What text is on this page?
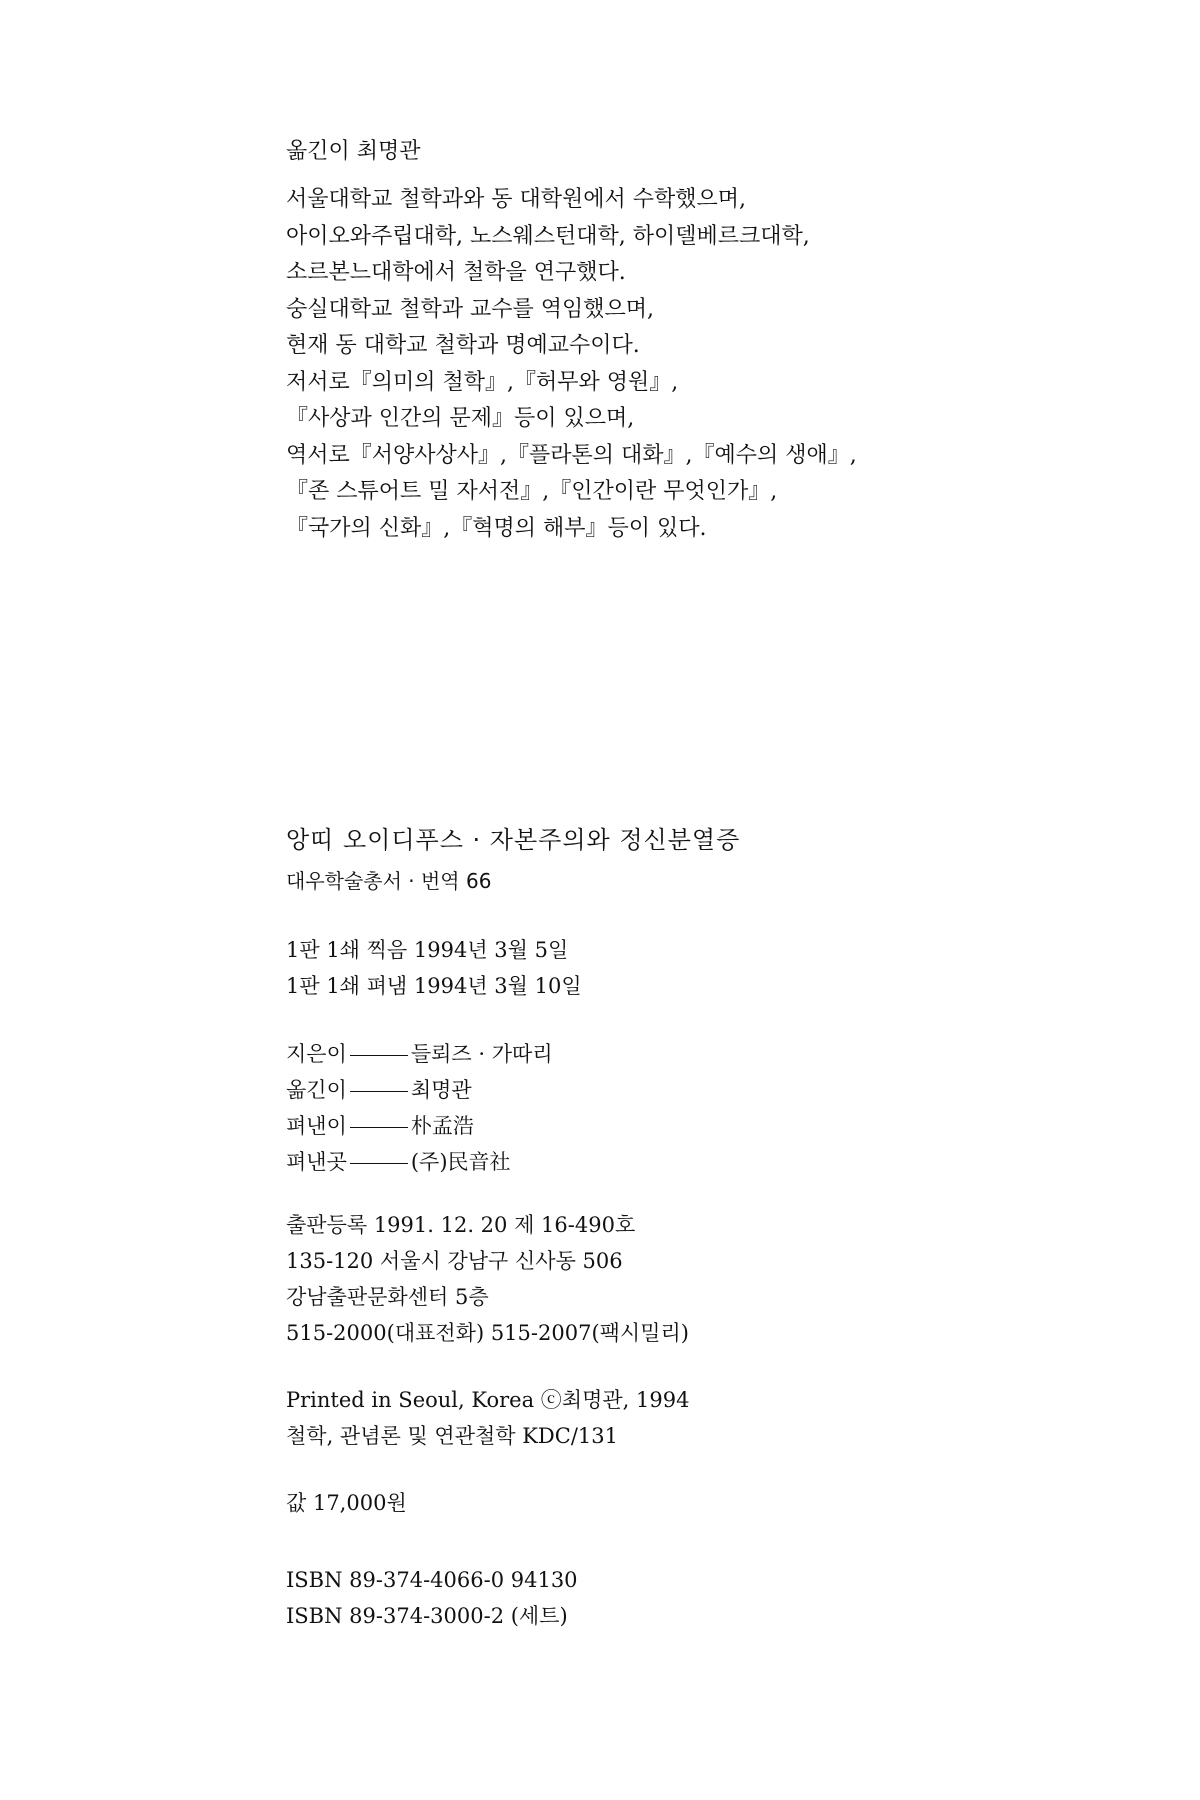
옮긴이 최명관
서울대학교 철학과와 동 대학원에서 수학했으며,
아이오와주립대학, 노스웨스턴대학, 하이델베르크대학,
소르본느대학에서 철학을 연구했다.
숭실대학교 철학과 교수를 역임했으며,
현재 동 대학교 철학과 명예교수이다.
저서로『의미의 철학』,『허무와 영원』,
『사상과 인간의 문제』등이 있으며,
역서로『서양사상사』,『플라톤의 대화』,『예수의 생애』,
『존 스튜어트 밀 자서전』,『인간이란 무엇인가』,
『국가의 신화』,『혁명의 해부』등이 있다.
앙띠 오이디푸스 · 자본주의와 정신분열증
대우학술총서 · 번역 66
1판 1쇄 찍음 1994년 3월 5일
1판 1쇄 펴냄 1994년 3월 10일
지은이	들뢰즈 · 가따리
옮긴이	최명관
펴낸이	朴孟浩
펴낸곳	(주)民音社
출판등록 1991. 12. 20 제 16-490호
135-120 서울시 강남구 신사동 506
강남출판문화센터 5층
515-2000(대표전화) 515-2007(팩시밀리)
Printed in Seoul, Korea ⓒ최명관, 1994
철학, 관념론 및 연관철학 KDC/131
값 17,000원
ISBN 89-374-4066-0 94130
ISBN 89-374-3000-2 (세트)
